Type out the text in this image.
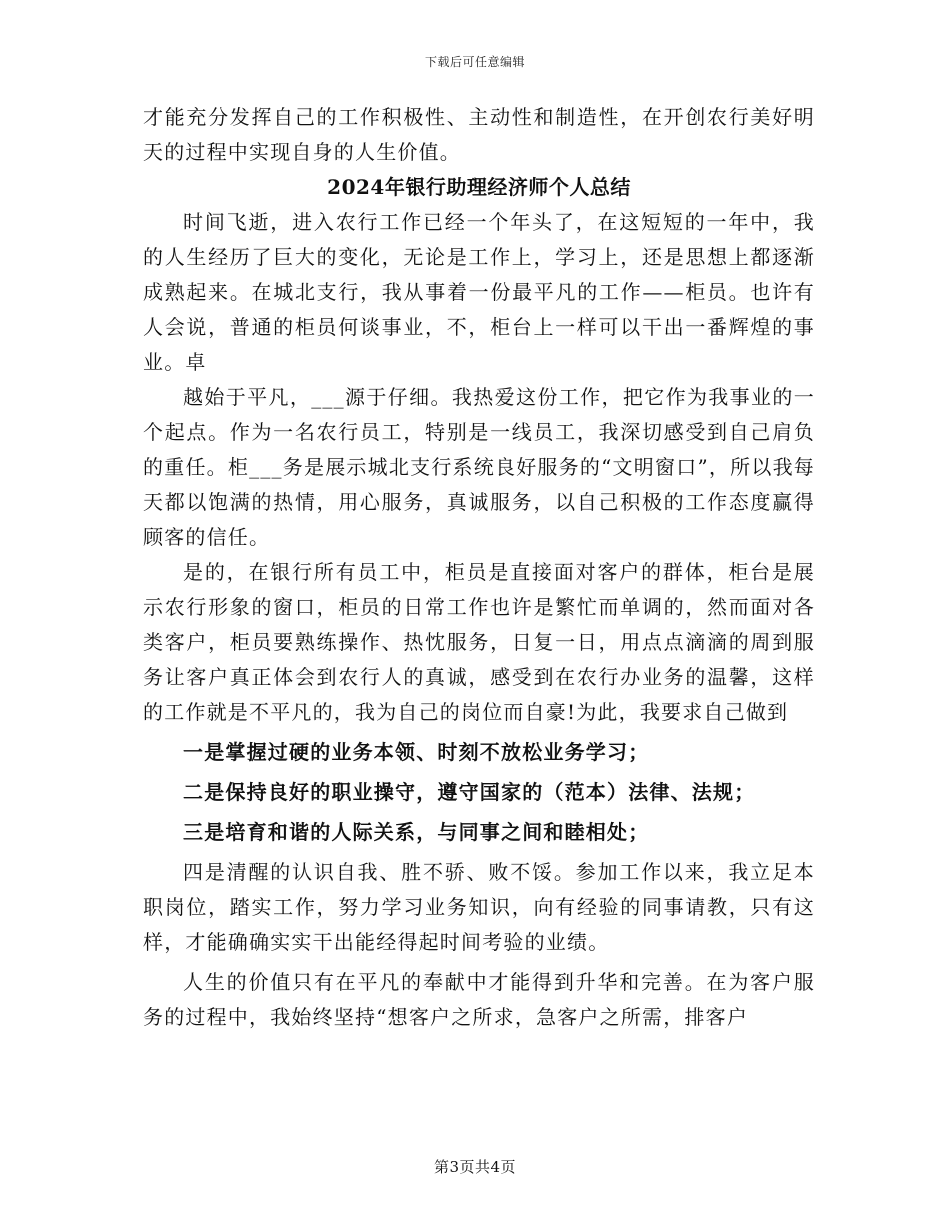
下载后可任意编辑

才能充分发挥自己的工作积极性、主动性和制造性，在开创农行美好明天的过程中实现自身的人生价值。

2024年银行助理经济师个人总结

时间飞逝，进入农行工作已经一个年头了，在这短短的一年中，我的人生经历了巨大的变化，无论是工作上，学习上，还是思想上都逐渐成熟起来。在城北支行，我从事着一份最平凡的工作——柜员。也许有人会说，普通的柜员何谈事业，不，柜台上一样可以干出一番辉煌的事业。卓

越始于平凡，___源于仔细。我热爱这份工作，把它作为我事业的一个起点。作为一名农行员工，特别是一线员工，我深切感受到自己肩负的重任。柜___务是展示城北支行系统良好服务的“文明窗口”，所以我每天都以饱满的热情，用心服务，真诚服务，以自己积极的工作态度赢得顾客的信任。

是的，在银行所有员工中，柜员是直接面对客户的群体，柜台是展示农行形象的窗口，柜员的日常工作也许是繁忙而单调的，然而面对各类客户，柜员要熟练操作、热忱服务，日复一日，用点点滴滴的周到服务让客户真正体会到农行人的真诚，感受到在农行办业务的温馨，这样的工作就是不平凡的，我为自己的岗位而自豪!为此，我要求自己做到

一是掌握过硬的业务本领、时刻不放松业务学习；

二是保持良好的职业操守，遵守国家的（范本）法律、法规；

三是培育和谐的人际关系，与同事之间和睦相处；

四是清醒的认识自我、胜不骄、败不馁。参加工作以来，我立足本职岗位，踏实工作，努力学习业务知识，向有经验的同事请教，只有这样，才能确确实实干出能经得起时间考验的业绩。

人生的价值只有在平凡的奉献中才能得到升华和完善。在为客户服务的过程中，我始终坚持“想客户之所求，急客户之所需，排客户

第3页共4页
